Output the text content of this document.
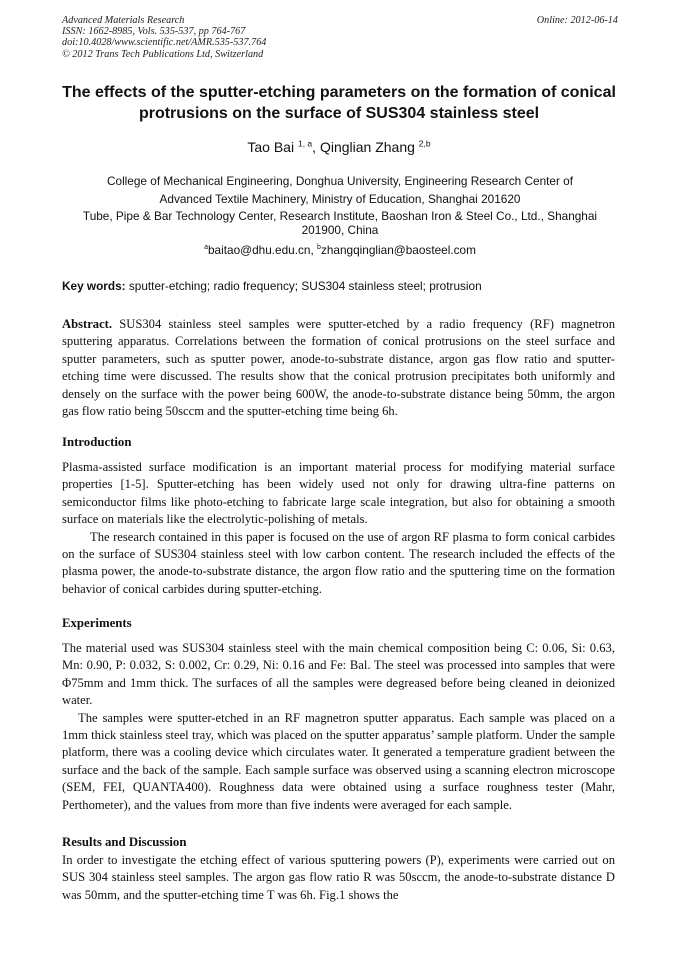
Advanced Materials Research
ISSN: 1662-8985, Vols. 535-537, pp 764-767
doi:10.4028/www.scientific.net/AMR.535-537.764
© 2012 Trans Tech Publications Ltd, Switzerland
Online: 2012-06-14
The effects of the sputter-etching parameters on the formation of conical
protrusions on the surface of SUS304 stainless steel
Tao Bai $^{1, a}$, Qinglian Zhang $^{2,b}$
College of Mechanical Engineering, Donghua University, Engineering Research Center of
Advanced Textile Machinery, Ministry of Education, Shanghai 201620
Tube, Pipe & Bar Technology Center, Research Institute, Baoshan Iron & Steel Co., Ltd., Shanghai
201900, China
$^a$baitao@dhu.edu.cn, $^b$zhangqinglian@baosteel.com
Key words: sputter-etching; radio frequency; SUS304 stainless steel; protrusion

Abstract. SUS304 stainless steel samples were sputter-etched by a radio frequency (RF) magnetron sputtering apparatus. Correlations between the formation of conical protrusions on the steel surface and sputter parameters, such as sputter power, anode-to-substrate distance, argon gas flow ratio and sputter-etching time were discussed. The results show that the conical protrusion precipitates both uniformly and densely on the surface with the power being 600W, the anode-to-substrate distance being 50mm, the argon gas flow ratio being 50sccm and the sputter-etching time being 6h.

Introduction

Plasma-assisted surface modification is an important material process for modifying material surface properties [1-5]. Sputter-etching has been widely used not only for drawing ultra-fine patterns on semiconductor films like photo-etching to fabricate large scale integration, but also for obtaining a smooth surface on materials like the electrolytic-polishing of metals.

The research contained in this paper is focused on the use of argon RF plasma to form conical carbides on the surface of SUS304 stainless steel with low carbon content. The research included the effects of the plasma power, the anode-to-substrate distance, the argon flow ratio and the sputtering time on the formation behavior of conical carbides during sputter-etching.

Experiments

The material used was SUS304 stainless steel with the main chemical composition being C: 0.06, Si: 0.63, Mn: 0.90, P: 0.032, S: 0.002, Cr: 0.29, Ni: 0.16 and Fe: Bal. The steel was processed into samples that were Φ75mm and 1mm thick. The surfaces of all the samples were degreased before being cleaned in deionized water.

The samples were sputter-etched in an RF magnetron sputter apparatus. Each sample was placed on a 1mm thick stainless steel tray, which was placed on the sputter apparatus’ sample platform. Under the sample platform, there was a cooling device which circulates water. It generated a temperature gradient between the surface and the back of the sample. Each sample surface was observed using a scanning electron microscope (SEM, FEI, QUANTA400). Roughness data were obtained using a surface roughness tester (Mahr, Perthometer), and the values from more than five indents were averaged for each sample.

Results and Discussion

In order to investigate the etching effect of various sputtering powers (P), experiments were carried out on SUS 304 stainless steel samples. The argon gas flow ratio R was 50sccm, the anode-to-substrate distance D was 50mm, and the sputter-etching time T was 6h. Fig.1 shows the
